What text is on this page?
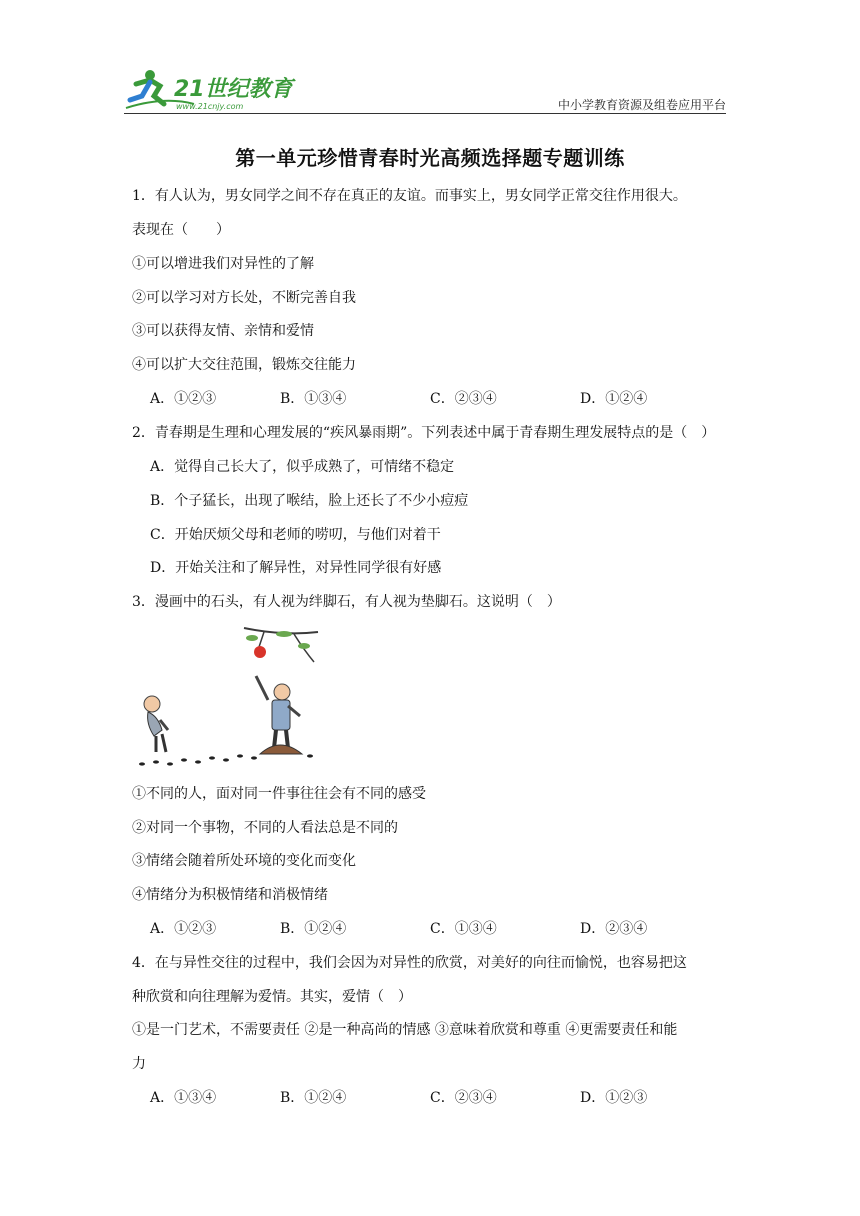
21世纪教育
www.21cnjy.com	中小学教育资源及组卷应用平台
第一单元珍惜青春时光高频选择题专题训练
1．有人认为，男女同学之间不存在真正的友谊。而事实上，男女同学正常交往作用很大。
表现在（　　）
①可以增进我们对异性的了解
②可以学习对方长处，不断完善自我
③可以获得友情、亲情和爱情
④可以扩大交往范围，锻炼交往能力
A．①②③	B．①③④	C．②③④	D．①②④
2．青春期是生理和心理发展的“疾风暴雨期”。下列表述中属于青春期生理发展特点的是（　）
A．觉得自己长大了，似乎成熟了，可情绪不稳定
B．个子猛长，出现了喉结，脸上还长了不少小痘痘
C．开始厌烦父母和老师的唠叨，与他们对着干
D．开始关注和了解异性，对异性同学很有好感
3．漫画中的石头，有人视为绊脚石，有人视为垫脚石。这说明（　）
①不同的人，面对同一件事往往会有不同的感受
②对同一个事物，不同的人看法总是不同的
③情绪会随着所处环境的变化而变化
④情绪分为积极情绪和消极情绪
A．①②③	B．①②④	C．①③④	D．②③④
4．在与异性交往的过程中，我们会因为对异性的欣赏，对美好的向往而愉悦，也容易把这
种欣赏和向往理解为爱情。其实，爱情（　）
①是一门艺术，不需要责任 ②是一种高尚的情感 ③意味着欣赏和尊重 ④更需要责任和能
力
A．①③④	B．①②④	C．②③④	D．①②③
